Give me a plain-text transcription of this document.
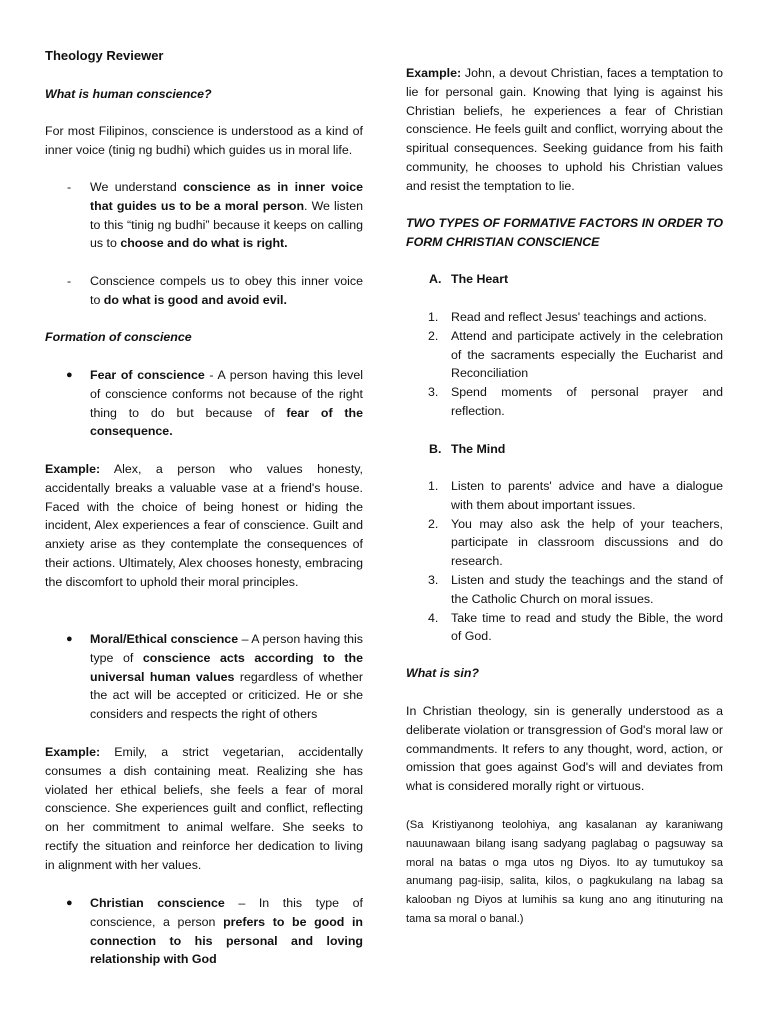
Theology Reviewer

What is human conscience?

For most Filipinos, conscience is understood as a kind of inner voice (tinig ng budhi) which guides us in moral life.

- We understand conscience as in inner voice that guides us to be a moral person. We listen to this “tinig ng budhi” because it keeps on calling us to choose and do what is right.
- Conscience compels us to obey this inner voice to do what is good and avoid evil.

Formation of conscience

● Fear of conscience - A person having this level of conscience conforms not because of the right thing to do but because of fear of the consequence.

Example: Alex, a person who values honesty, accidentally breaks a valuable vase at a friend's house. Faced with the choice of being honest or hiding the incident, Alex experiences a fear of conscience. Guilt and anxiety arise as they contemplate the consequences of their actions. Ultimately, Alex chooses honesty, embracing the discomfort to uphold their moral principles.

● Moral/Ethical conscience – A person having this type of conscience acts according to the universal human values regardless of whether the act will be accepted or criticized. He or she considers and respects the right of others

Example: Emily, a strict vegetarian, accidentally consumes a dish containing meat. Realizing she has violated her ethical beliefs, she feels a fear of moral conscience. She experiences guilt and conflict, reflecting on her commitment to animal welfare. She seeks to rectify the situation and reinforce her dedication to living in alignment with her values.

● Christian conscience – In this type of conscience, a person prefers to be good in connection to his personal and loving relationship with God

Example: John, a devout Christian, faces a temptation to lie for personal gain. Knowing that lying is against his Christian beliefs, he experiences a fear of Christian conscience. He feels guilt and conflict, worrying about the spiritual consequences. Seeking guidance from his faith community, he chooses to uphold his Christian values and resist the temptation to lie.

TWO TYPES OF FORMATIVE FACTORS IN ORDER TO FORM CHRISTIAN CONSCIENCE

A. The Heart
1. Read and reflect Jesus' teachings and actions.
2. Attend and participate actively in the celebration of the sacraments especially the Eucharist and Reconciliation
3. Spend moments of personal prayer and reflection.
B. The Mind
1. Listen to parents' advice and have a dialogue with them about important issues.
2. You may also ask the help of your teachers, participate in classroom discussions and do research.
3. Listen and study the teachings and the stand of the Catholic Church on moral issues.
4. Take time to read and study the Bible, the word of God.

What is sin?

In Christian theology, sin is generally understood as a deliberate violation or transgression of God's moral law or commandments. It refers to any thought, word, action, or omission that goes against God's will and deviates from what is considered morally right or virtuous.

(Sa Kristiyanong teolohiya, ang kasalanan ay karaniwang nauunawaan bilang isang sadyang paglabag o pagsuway sa moral na batas o mga utos ng Diyos. Ito ay tumutukoy sa anumang pag-iisip, salita, kilos, o pagkukulang na labag sa kalooban ng Diyos at lumihis sa kung ano ang itinuturing na tama sa moral o banal.)
